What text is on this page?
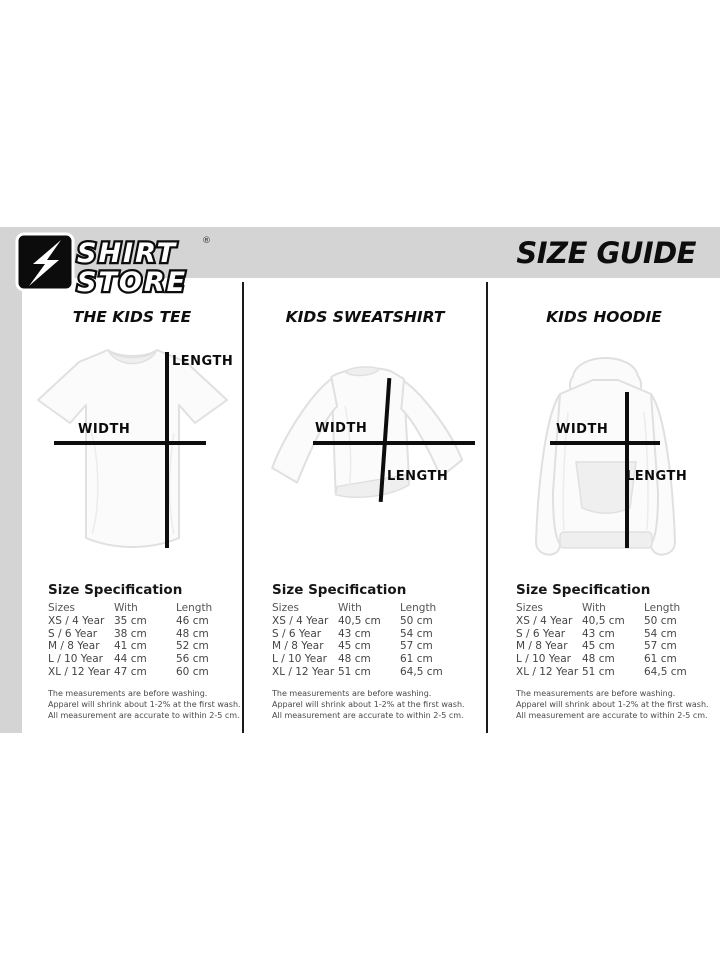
SHIRT
STORE
®	SIZE GUIDE
THE KIDS TEE
WIDTH
LENGTH
Size Specification
Sizes	With	Length
XS / 4 Year 35 cm	46 cm
S / 6 Year	38 cm	48 cm
M / 8 Year	41 cm	52 cm
L / 10 Year	44 cm	56 cm
XL / 12 Year 47 cm	60 cm

The measurements are before washing.
Apparel will shrink about 1-2% at the first wash.
All measurement are accurate to within 2-5 cm.

KIDS SWEATSHIRT
WIDTH
LENGTH
Size Specification
Sizes	With	Length
XS / 4 Year 40,5 cm	50 cm
S / 6 Year	43 cm	54 cm
M / 8 Year	45 cm	57 cm
L / 10 Year	48 cm	61 cm
XL / 12 Year 51 cm	64,5 cm

The measurements are before washing.
Apparel will shrink about 1-2% at the first wash.
All measurement are accurate to within 2-5 cm.

KIDS HOODIE
WIDTH
LENGTH
Size Specification
Sizes	With	Length
XS / 4 Year 40,5 cm	50 cm
S / 6 Year	43 cm	54 cm
M / 8 Year	45 cm	57 cm
L / 10 Year	48 cm	61 cm
XL / 12 Year 51 cm	64,5 cm

The measurements are before washing.
Apparel will shrink about 1-2% at the first wash.
All measurement are accurate to within 2-5 cm.
